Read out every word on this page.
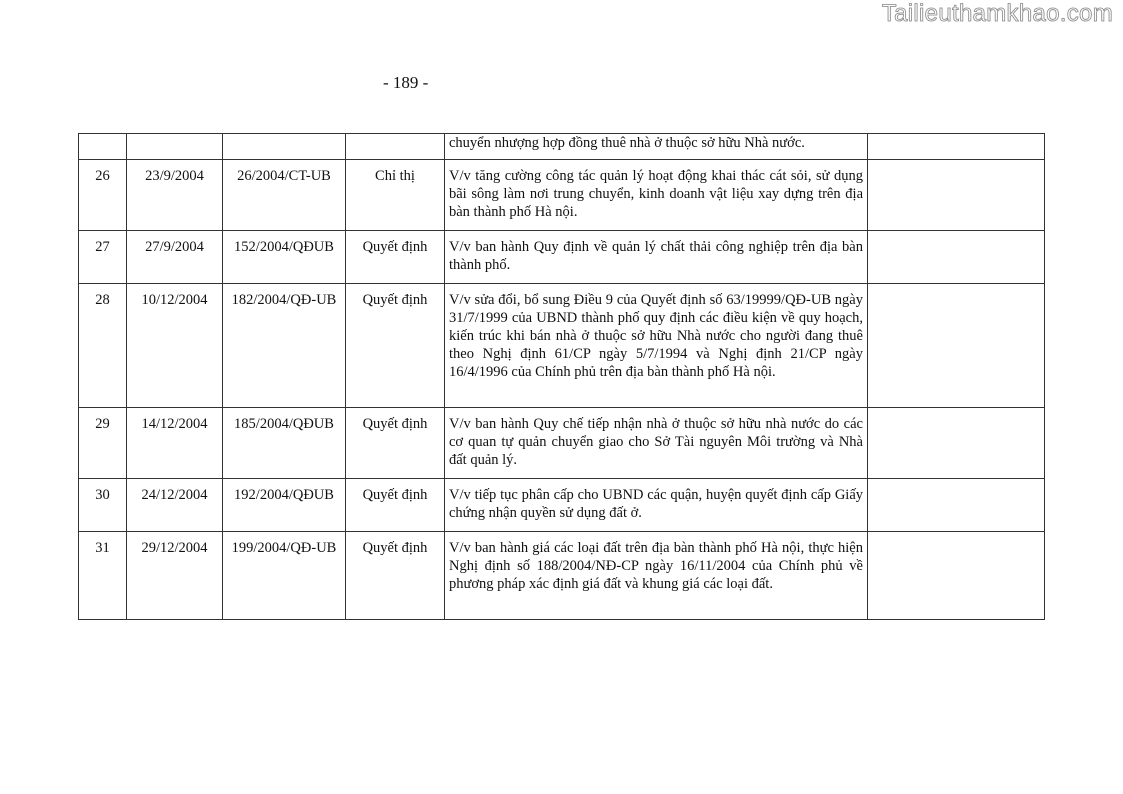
Tailieuthamkhao.com
- 189 -
				chuyển nhượng hợp đồng thuê nhà ở thuộc sở hữu Nhà nước.	
26	23/9/2004	26/2004/CT-UB	Chỉ thị	V/v tăng cường công tác quản lý hoạt động khai thác cát sỏi, sử dụng bãi sông làm nơi trung chuyển, kinh doanh vật liệu xay dựng trên địa bàn thành phố Hà nội.	
27	27/9/2004	152/2004/QĐUB	Quyết định	V/v ban hành Quy định về quản lý chất thải công nghiệp trên địa bàn thành phố.	
28	10/12/2004	182/2004/QĐ-UB	Quyết định	V/v sửa đổi, bổ sung Điều 9 của Quyết định số 63/19999/QĐ-UB ngày 31/7/1999 của UBND thành phố quy định các điều kiện về quy hoạch, kiến trúc khi bán nhà ở thuộc sở hữu Nhà nước cho người đang thuê theo Nghị định 61/CP ngày 5/7/1994 và Nghị định 21/CP ngày 16/4/1996 của Chính phủ trên địa bàn thành phố Hà nội.	
29	14/12/2004	185/2004/QĐUB	Quyết định	V/v ban hành Quy chế tiếp nhận nhà ở thuộc sở hữu nhà nước do các cơ quan tự quản chuyển giao cho Sở Tài nguyên Môi trường và Nhà đất quản lý.	
30	24/12/2004	192/2004/QĐUB	Quyết định	V/v tiếp tục phân cấp cho UBND các quận, huyện quyết định cấp Giấy chứng nhận quyền sử dụng đất ở.	
31	29/12/2004	199/2004/QĐ-UB	Quyết định	V/v ban hành giá các loại đất trên địa bàn thành phố Hà nội, thực hiện Nghị định số 188/2004/NĐ-CP ngày 16/11/2004 của Chính phủ về phương pháp xác định giá đất và khung giá các loại đất.	
